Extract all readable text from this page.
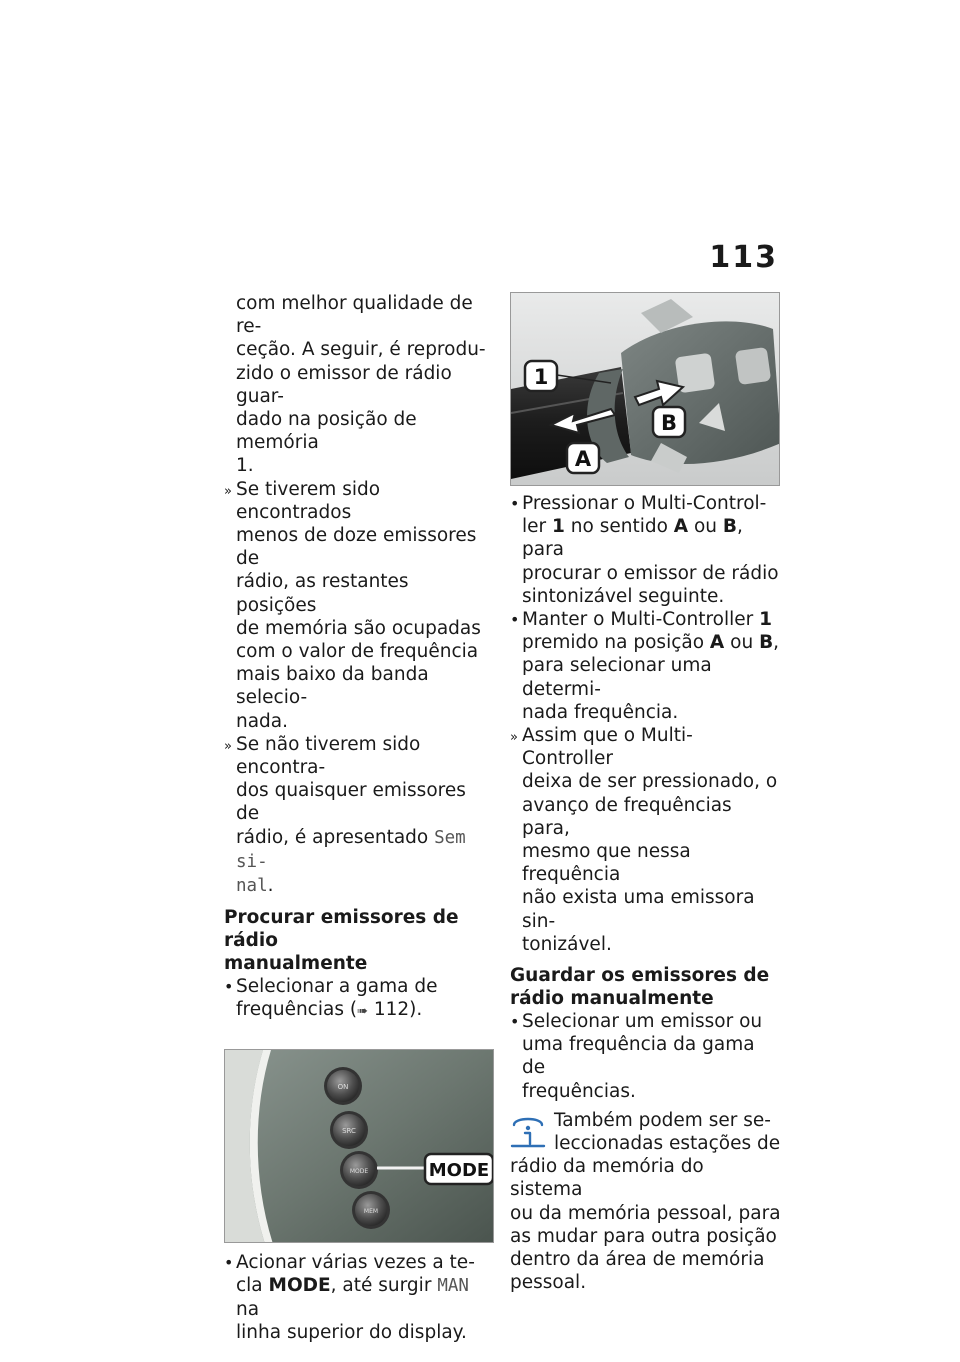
113
com melhor qualidade de re-
ceção. A seguir, é reprodu-
zido o emissor de rádio guar-
dado na posição de memória
1.
» Se tiverem sido encontrados
menos de doze emissores de
rádio, as restantes posições
de memória são ocupadas
com o valor de frequência
mais baixo da banda selecio-
nada.
» Se não tiverem sido encontra-
dos quaisquer emissores de
rádio, é apresentado Sem si-
nal.
Procurar emissores de rádio
manualmente
• Selecionar a gama de
frequências (➠ 112).
ON
SRC
MODE
MEM
MODE
• Acionar várias vezes a te-
cla MODE, até surgir MAN na
linha superior do display.
1
A
B
• Pressionar o Multi-Control-
ler 1 no sentido A ou B, para
procurar o emissor de rádio
sintonizável seguinte.
• Manter o Multi-Controller 1
premido na posição A ou B,
para selecionar uma determi-
nada frequência.
» Assim que o Multi-Controller
deixa de ser pressionado, o
avanço de frequências para,
mesmo que nessa frequência
não exista uma emissora sin-
tonizável.
Guardar os emissores de
rádio manualmente
• Selecionar um emissor ou
uma frequência da gama de
frequências.
Também podem ser se-
leccionadas estações de
rádio da memória do sistema
ou da memória pessoal, para
as mudar para outra posição
dentro da área de memória
pessoal.
